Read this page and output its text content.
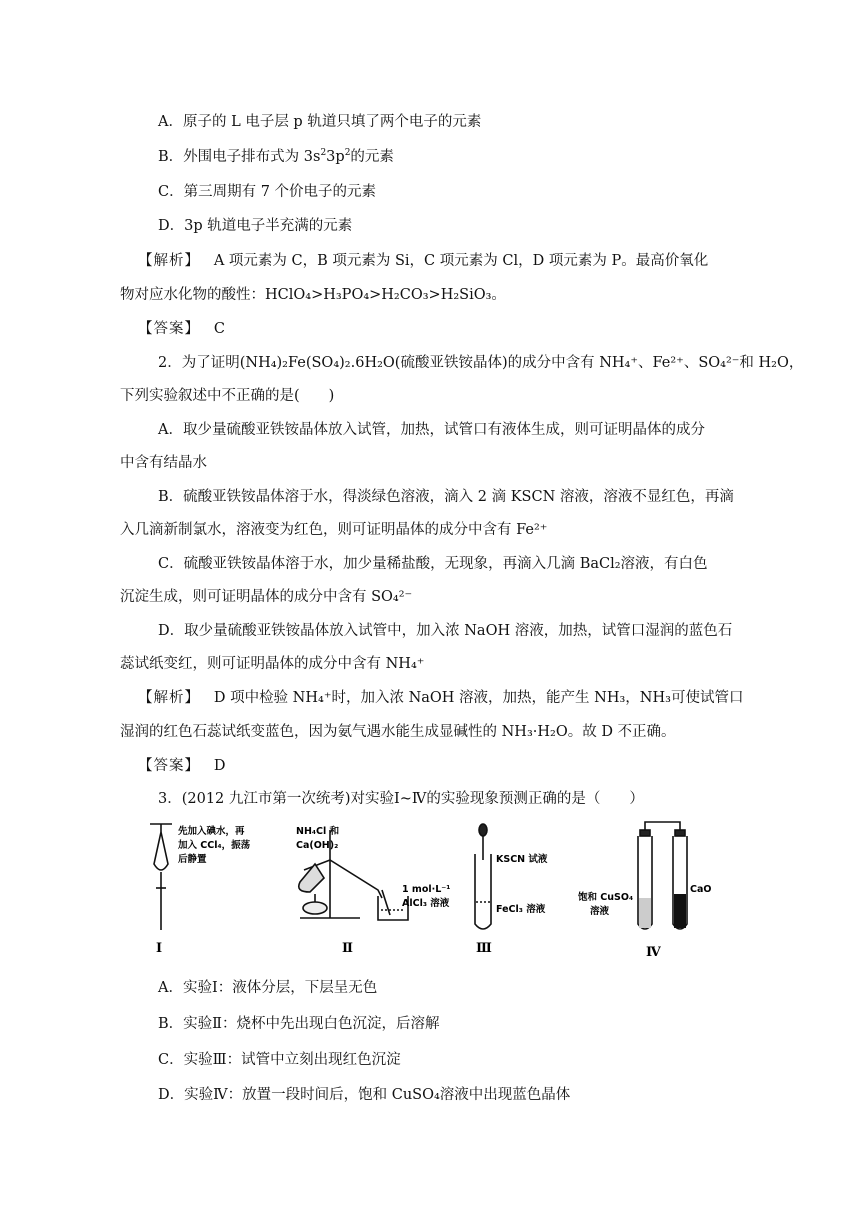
A．原子的 L 电子层 p 轨道只填了两个电子的元素
B．外围电子排布式为 $3s^23p^2$的元素
C．第三周期有 7 个价电子的元素
D．3p 轨道电子半充满的元素
【解析】 A 项元素为 C，B 项元素为 Si，C 项元素为 Cl，D 项元素为 P。最高价氧化
物对应水化物的酸性：HClO₄>H₃PO₄>H₂CO₃>H₂SiO₃。
【答案】 C
2．为了证明(NH₄)₂Fe(SO₄)₂.6H₂O(硫酸亚铁铵晶体)的成分中含有 NH₄⁺、Fe²⁺、SO₄²⁻和 H₂O，
下列实验叙述中不正确的是(　　)
A．取少量硫酸亚铁铵晶体放入试管，加热，试管口有液体生成，则可证明晶体的成分
中含有结晶水
B．硫酸亚铁铵晶体溶于水，得淡绿色溶液，滴入 2 滴 KSCN 溶液，溶液不显红色，再滴
入几滴新制氯水，溶液变为红色，则可证明晶体的成分中含有 Fe²⁺
C．硫酸亚铁铵晶体溶于水，加少量稀盐酸，无现象，再滴入几滴 BaCl₂溶液，有白色
沉淀生成，则可证明晶体的成分中含有 SO₄²⁻
D．取少量硫酸亚铁铵晶体放入试管中，加入浓 NaOH 溶液，加热，试管口湿润的蓝色石
蕊试纸变红，则可证明晶体的成分中含有 NH₄⁺
【解析】 D 项中检验 NH₄⁺时，加入浓 NaOH 溶液，加热，能产生 NH₃，NH₃可使试管口
湿润的红色石蕊试纸变蓝色，因为氨气遇水能生成显碱性的 NH₃·H₂O。故 D 不正确。
【答案】 D
3．(2012 九江市第一次统考)对实验Ⅰ~Ⅳ的实验现象预测正确的是（　　）
先加入碘水，再
加入 CCl₄，振荡
后静置
NH₄Cl 和
Ca(OH)₂
1 mol·L⁻¹
AlCl₃ 溶液
KSCN 试液
FeCl₃ 溶液
饱和 CuSO₄
溶液
CaO
Ⅰ	Ⅱ	Ⅲ	Ⅳ
A．实验Ⅰ：液体分层，下层呈无色
B．实验Ⅱ：烧杯中先出现白色沉淀，后溶解
C．实验Ⅲ：试管中立刻出现红色沉淀
D．实验Ⅳ：放置一段时间后，饱和 CuSO₄溶液中出现蓝色晶体
